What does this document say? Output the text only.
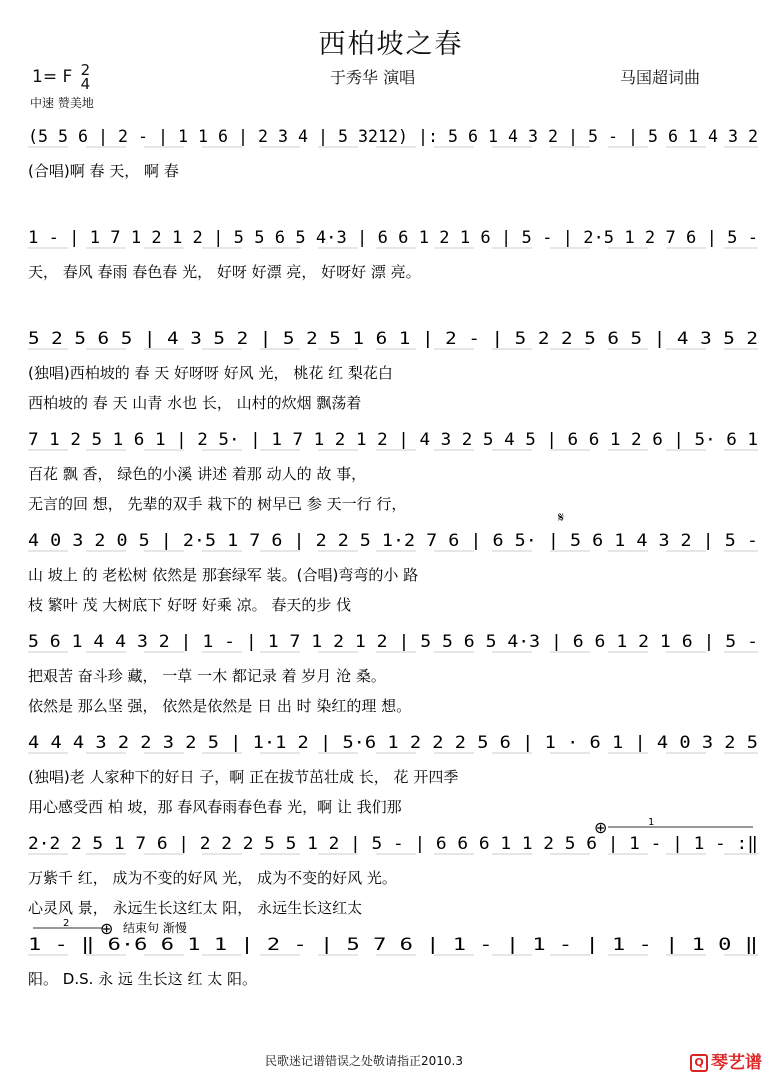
西柏坡之春
1= F 2
4
中速 赞美地
于秀华 演唱	马国超词曲
(5 5 6 | 2 - | 1 1 6 | 2 3 4 | 5 3212) |: 5 6 1 4 3 2 | 5 - | 5 6 1 4 3 2
(合唱)啊 春 天， 啊 春
1 - | 1 7 1 2 1 2 | 5 5 6 5 4·3 | 6 6 1 2 1 6 | 5 - | 2·5 1 2 7 6 | 5 -
天， 春风 春雨 春色春 光， 好呀 好漂 亮， 好呀好 漂 亮。
5 2 5 6 5 | 4 3 5 2 | 5 2 5 1 6 1 | 2 - | 5 2 2 5 6 5 | 4 3 5 2
(独唱)西柏坡的 春 天 好呀呀 好风 光， 桃花 红 梨花白
西柏坡的 春 天 山青 水也 长， 山村的炊烟 飘荡着
7 1 2 5 1 6 1 | 2 5· | 1 7 1 2 1 2 | 4 3 2 5 4 5 | 6 6 1 2 6 | 5· 6 1
百花 飘 香， 绿色的小溪 讲述 着那 动人的 故 事，
无言的回 想， 先辈的双手 栽下的 树早已 参 天一行 行，
4 0 3 2 0 5 | 2·5 1 7 6 | 2 2 5 1·2 7 6 | 6 5· | 5 6 1 4 3 2 | 5 -
山 坡上 的 老松树 依然是 那套绿军 装。(合唱)弯弯的小 路
枝 繁叶 茂 大树底下 好呀 好乘 凉。 春天的步 伐
5 6 1 4 4 3 2 | 1 - | 1 7 1 2 1 2 | 5 5 6 5 4·3 | 6 6 1 2 1 6 | 5 -
把艰苦 奋斗珍 藏， 一草 一木 都记录 着 岁月 沧 桑。
依然是 那么坚 强， 依然是依然是 日 出 时 染红的理 想。
4 4 4 3 2 2 3 2 5 | 1·1 2 | 5·6 1 2 2 2 5 6 | 1 · 6 1 | 4 0 3 2 5
(独唱)老 人家种下的好日 子，啊 正在拔节茁壮成 长， 花 开四季
用心感受西 柏 坡，那 春风春雨春色春 光，啊 让 我们那
2·2 2 5 1 7 6 | 2 2 2 5 5 1 2 | 5 - | 6 6 6 1 1 2 5 6 | 1 - | 1 - :‖
万紫千 红， 成为不变的好风 光， 成为不变的好风 光。
心灵风 景， 永远生长这红太 阳， 永远生长这红太
1 - ‖ 6·6 6 1 1 | 2 - | 5 7 6 | 1 - | 1 - | 1 - | 1 0 ‖
阳。 D.S. 永 远 生长这 红 太 阳。
结束句 渐慢
1
2
𝄋
⊕
⊕
民歌迷记谱错误之处敬请指正2010.3	Q 琴艺谱
